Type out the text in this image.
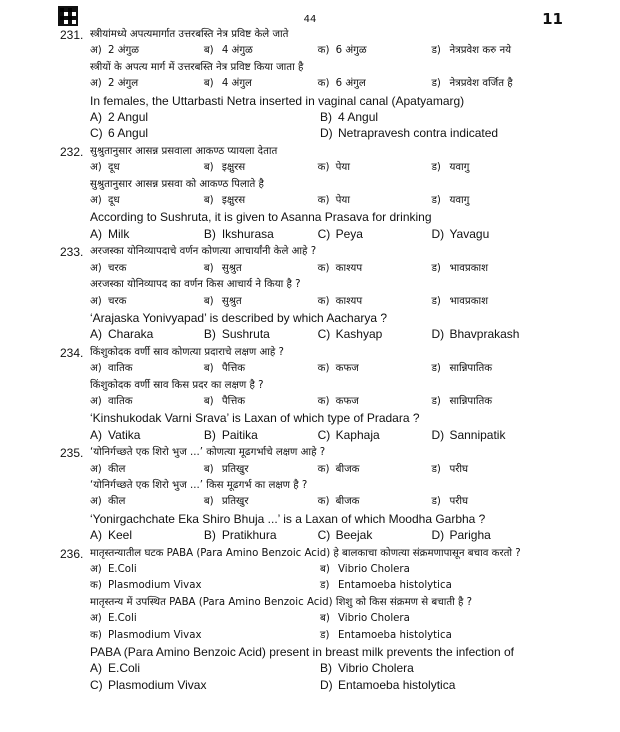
44	11
231. स्त्रीयांमध्ये अपत्यमार्गात उत्तरबस्ति नेत्र प्रविष्ट केले जाते
अ) 2 अंगुळ	ब) 4 अंगुळ	क) 6 अंगुळ	ड) नेत्रप्रवेश करु नये
स्त्रीयों के अपत्य मार्ग में उत्तरबस्ति नेत्र प्रविष्ट किया जाता है
अ) 2 अंगुल	ब) 4 अंगुल	क) 6 अंगुल	ड) नेत्रप्रवेश वर्जित है
In females, the Uttarbasti Netra inserted in vaginal canal (Apatyamarg)
A) 2 Angul	B) 4 Angul
C) 6 Angul	D) Netrapravesh contra indicated
232. सुश्रुतानुसार आसन्न प्रसवाला आकण्ठ प्यायला देतात
अ) दूध	ब) इक्षुरस	क) पेया	ड) यवागु
सुश्रुतानुसार आसन्न प्रसवा को आकण्ठ पिलाते है
अ) दूध	ब) इक्षुरस	क) पेया	ड) यवागु
According to Sushruta, it is given to Asanna Prasava for drinking
A) Milk	B) Ikshurasa	C) Peya	D) Yavagu
233. अरजस्का योनिव्यापदाचे वर्णन कोणत्या आचार्यांनी केले आहे ?
अ) चरक	ब) सुश्रुत	क) काश्यप	ड) भावप्रकाश
अरजस्का योनिव्यापद का वर्णन किस आचार्य ने किया है ?
अ) चरक	ब) सुश्रुत	क) काश्यप	ड) भावप्रकाश
‘Arajaska Yonivyapad’ is described by which Aacharya ?
A) Charaka	B) Sushruta	C) Kashyap	D) Bhavprakash
234. किंशुकोदक वर्णी स्राव कोणत्या प्रदाराचे लक्षण आहे ?
अ) वातिक	ब) पैत्तिक	क) कफज	ड) सान्निपातिक
किंशुकोदक वर्णी स्राव किस प्रदर का लक्षण है ?
अ) वातिक	ब) पैत्तिक	क) कफज	ड) सान्निपातिक
‘Kinshukodak Varni Srava’ is Laxan of which type of Pradara ?
A) Vatika	B) Paitika	C) Kaphaja	D) Sannipatik
235. ‘योनिर्गच्छते एक शिरो भुज ...’ कोणत्या मूढगर्भाचे लक्षण आहे ?
अ) कील	ब) प्रतिखुर	क) बीजक	ड) परीघ
‘योनिर्गच्छते एक शिरो भुज ...’ किस मूढगर्भ का लक्षण है ?
अ) कील	ब) प्रतिखुर	क) बीजक	ड) परीघ
‘Yonirgachchate Eka Shiro Bhuja ...’ is a Laxan of which Moodha Garbha ?
A) Keel	B) Pratikhura	C) Beejak	D) Parigha
236. मातृस्तन्यातील घटक PABA (Para Amino Benzoic Acid) हे बालकाचा कोणत्या संक्रमणापासून बचाव करतो ?
अ) E.Coli	ब) Vibrio Cholera
क) Plasmodium Vivax	ड) Entamoeba histolytica
मातृस्तन्य में उपस्थित PABA (Para Amino Benzoic Acid) शिशु को किस संक्रमण से बचाती है ?
अ) E.Coli	ब) Vibrio Cholera
क) Plasmodium Vivax	ड) Entamoeba histolytica
PABA (Para Amino Benzoic Acid) present in breast milk prevents the infection of
A) E.Coli	B) Vibrio Cholera
C) Plasmodium Vivax	D) Entamoeba histolytica
